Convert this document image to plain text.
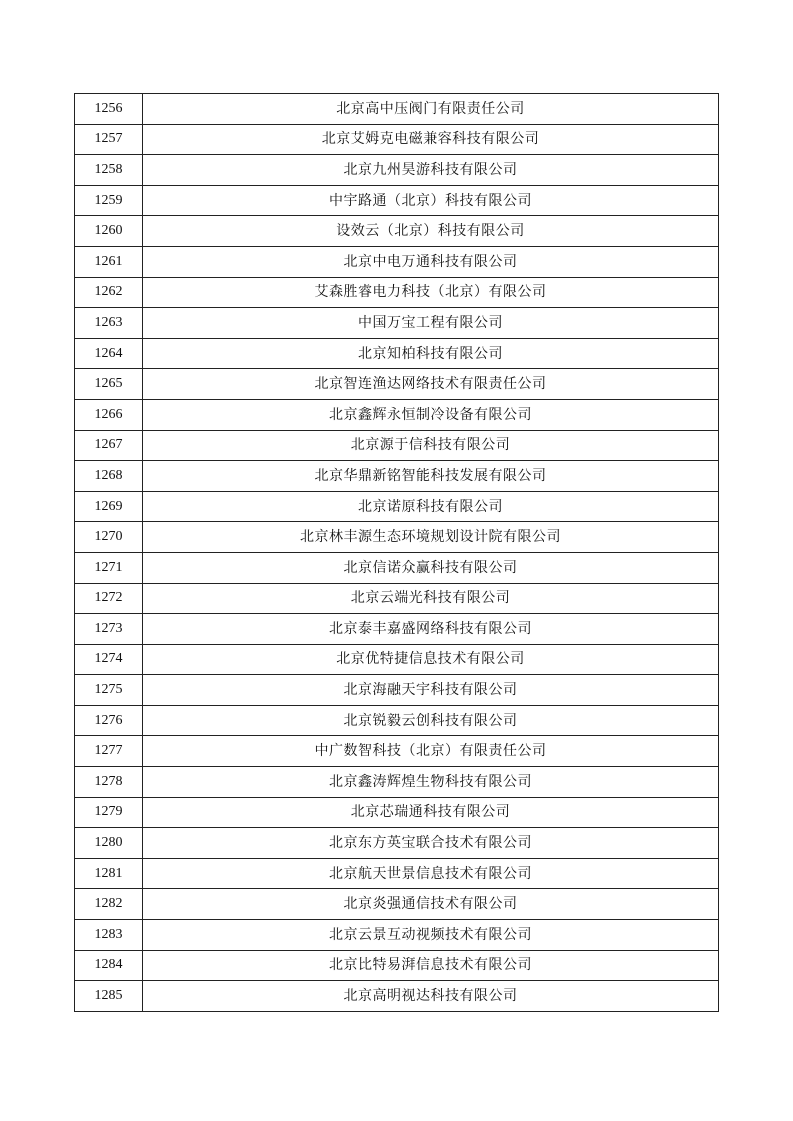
1256	北京高中压阀门有限责任公司
1257	北京艾姆克电磁兼容科技有限公司
1258	北京九州昊游科技有限公司
1259	中宇路通（北京）科技有限公司
1260	设效云（北京）科技有限公司
1261	北京中电万通科技有限公司
1262	艾森胜睿电力科技（北京）有限公司
1263	中国万宝工程有限公司
1264	北京知柏科技有限公司
1265	北京智连渔达网络技术有限责任公司
1266	北京鑫辉永恒制冷设备有限公司
1267	北京源于信科技有限公司
1268	北京华鼎新铭智能科技发展有限公司
1269	北京诺原科技有限公司
1270	北京林丰源生态环境规划设计院有限公司
1271	北京信诺众赢科技有限公司
1272	北京云端光科技有限公司
1273	北京泰丰嘉盛网络科技有限公司
1274	北京优特捷信息技术有限公司
1275	北京海融天宇科技有限公司
1276	北京锐毅云创科技有限公司
1277	中广数智科技（北京）有限责任公司
1278	北京鑫涛辉煌生物科技有限公司
1279	北京芯瑞通科技有限公司
1280	北京东方英宝联合技术有限公司
1281	北京航天世景信息技术有限公司
1282	北京炎强通信技术有限公司
1283	北京云景互动视频技术有限公司
1284	北京比特易湃信息技术有限公司
1285	北京高明视达科技有限公司
